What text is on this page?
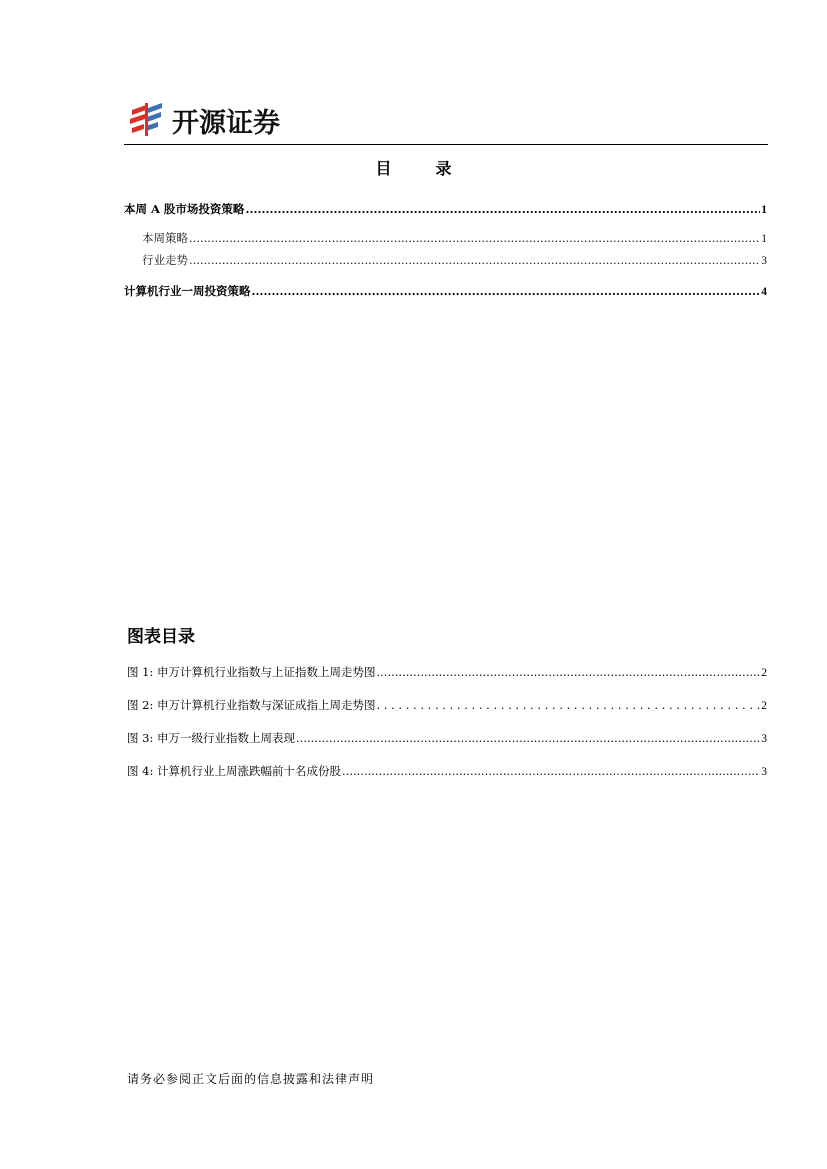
开源证券
目录
本周 A 股市场投资策略 .....	1
本周策略 .....	1
行业走势 .....	3
计算机行业一周投资策略 .....	4
图表目录
图 1: 申万计算机行业指数与上证指数上周走势图 .....	2
图 2: 申万计算机行业指数与深证成指上周走势图 . . .	2
图 3: 申万一级行业指数上周表现 .....	3
图 4: 计算机行业上周涨跌幅前十名成份股 .....	3
请务必参阅正文后面的信息披露和法律声明
